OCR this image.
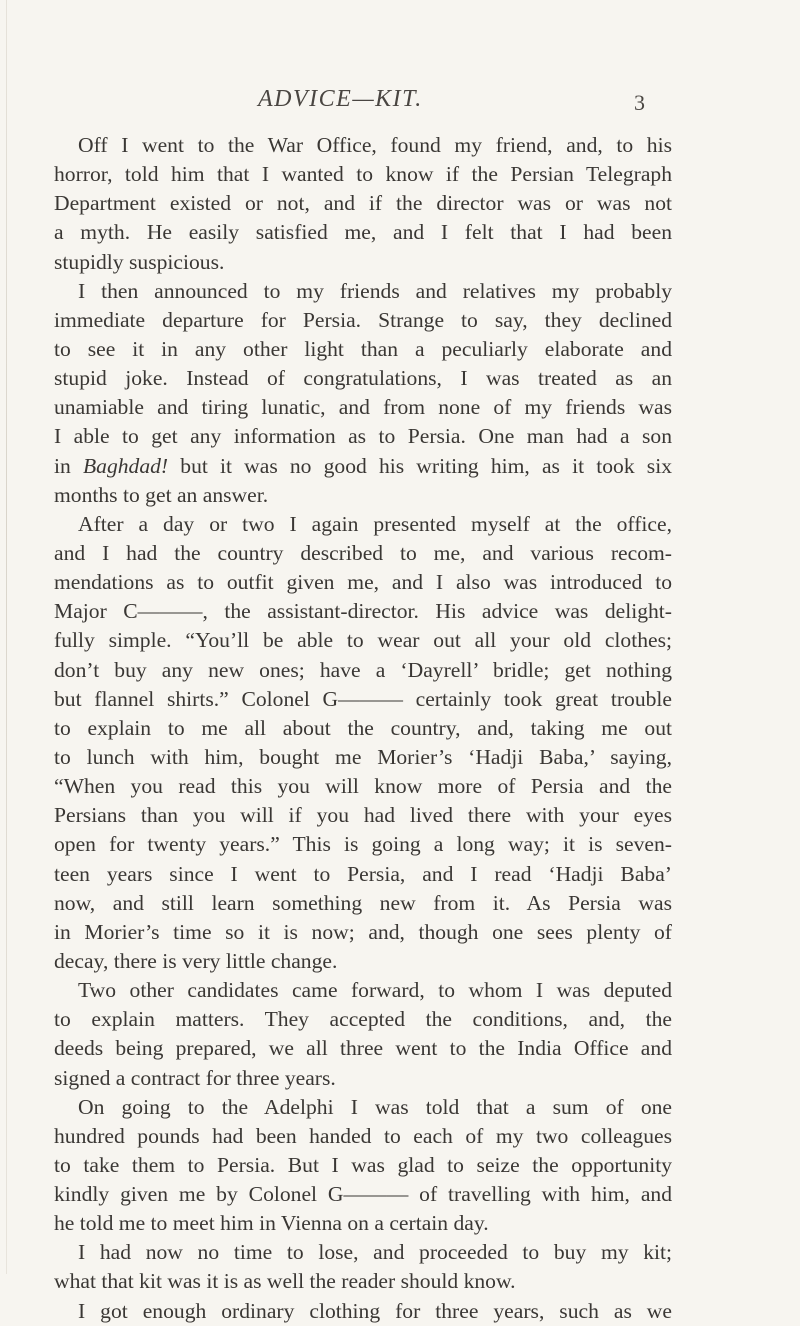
ADVICE—KIT.	3
Off I went to the War Office, found my friend, and, to his
horror, told him that I wanted to know if the Persian Telegraph
Department existed or not, and if the director was or was not
a myth. He easily satisfied me, and I felt that I had been
stupidly suspicious.
I then announced to my friends and relatives my probably
immediate departure for Persia. Strange to say, they declined
to see it in any other light than a peculiarly elaborate and
stupid joke. Instead of congratulations, I was treated as an
unamiable and tiring lunatic, and from none of my friends was
I able to get any information as to Persia. One man had a son
in Baghdad! but it was no good his writing him, as it took six
months to get an answer.
After a day or two I again presented myself at the office,
and I had the country described to me, and various recom-
mendations as to outfit given me, and I also was introduced to
Major C———, the assistant-director. His advice was delight-
fully simple. “You’ll be able to wear out all your old clothes;
don’t buy any new ones; have a ‘Dayrell’ bridle; get nothing
but flannel shirts.” Colonel G——— certainly took great trouble
to explain to me all about the country, and, taking me out
to lunch with him, bought me Morier’s ‘Hadji Baba,’ saying,
“When you read this you will know more of Persia and the
Persians than you will if you had lived there with your eyes
open for twenty years.” This is going a long way; it is seven-
teen years since I went to Persia, and I read ‘Hadji Baba’
now, and still learn something new from it. As Persia was
in Morier’s time so it is now; and, though one sees plenty of
decay, there is very little change.
Two other candidates came forward, to whom I was deputed
to explain matters. They accepted the conditions, and, the
deeds being prepared, we all three went to the India Office and
signed a contract for three years.
On going to the Adelphi I was told that a sum of one
hundred pounds had been handed to each of my two colleagues
to take them to Persia. But I was glad to seize the opportunity
kindly given me by Colonel G——— of travelling with him, and
he told me to meet him in Vienna on a certain day.
I had now no time to lose, and proceeded to buy my kit;
what that kit was it is as well the reader should know.
I got enough ordinary clothing for three years, such as we
